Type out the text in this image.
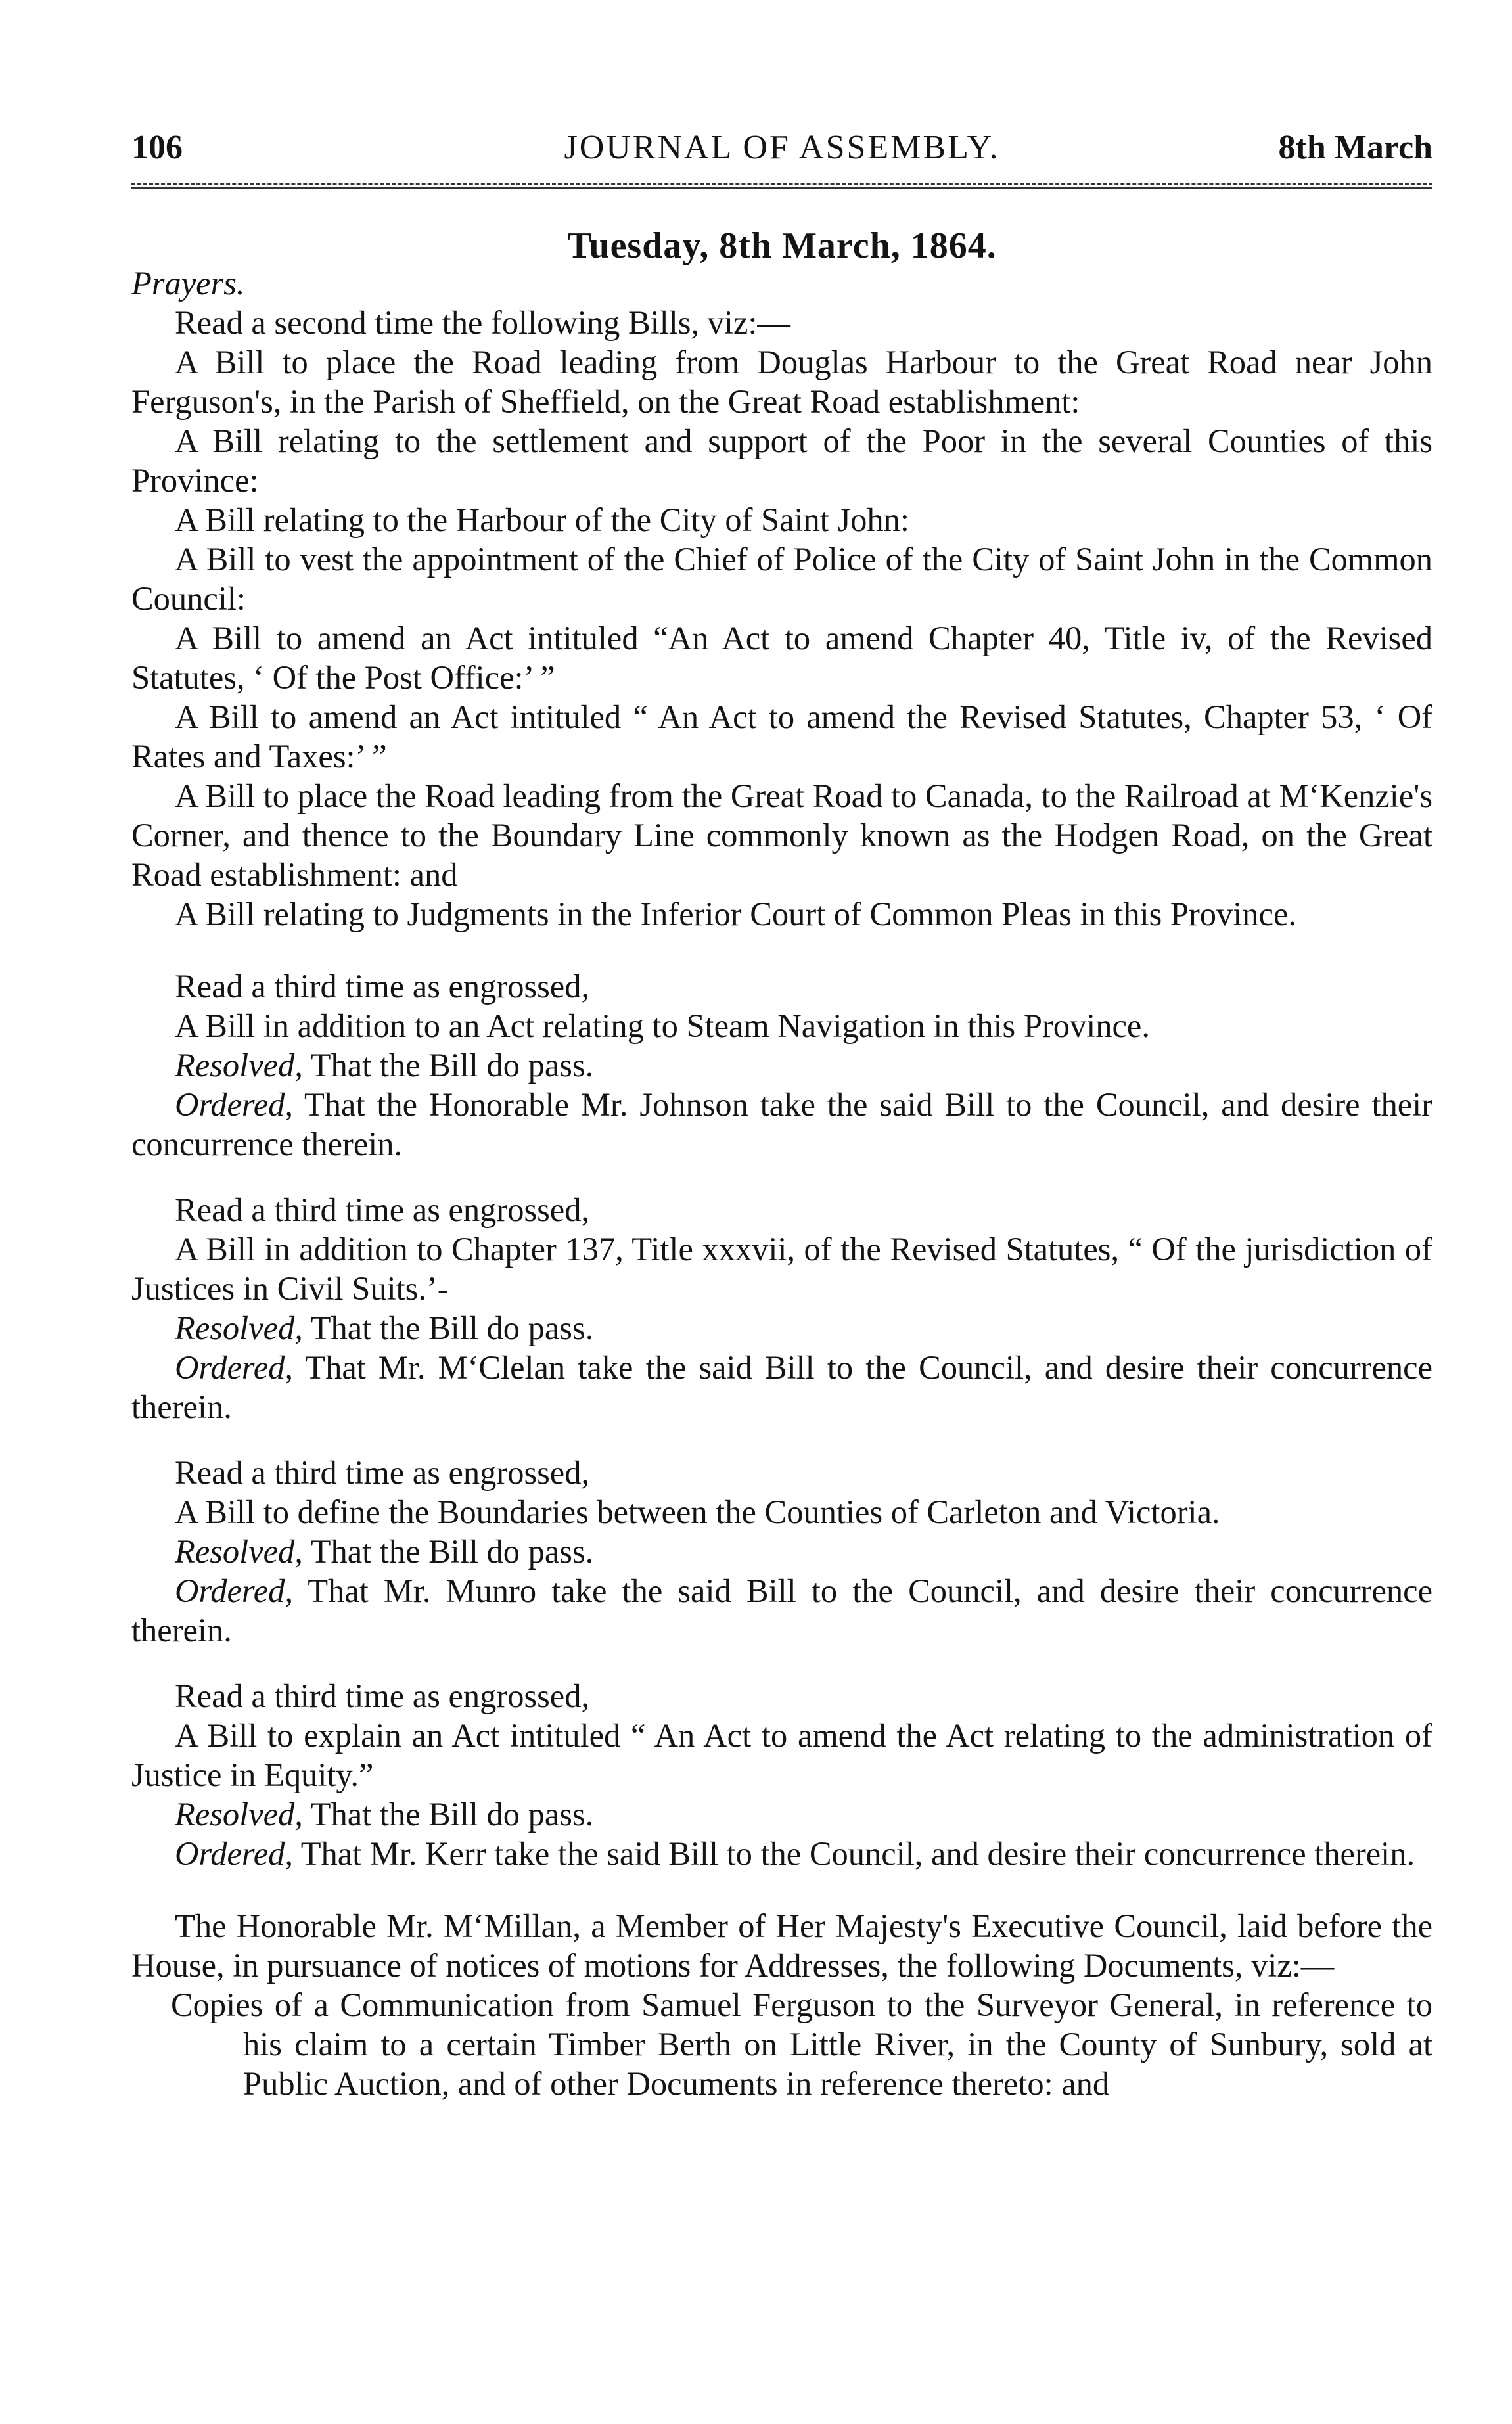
106	JOURNAL OF ASSEMBLY.	8th March
Tuesday, 8th March, 1864.

Prayers.

Read a second time the following Bills, viz:—

A Bill to place the Road leading from Douglas Harbour to the Great Road near John Ferguson's, in the Parish of Sheffield, on the Great Road establishment:

A Bill relating to the settlement and support of the Poor in the several Counties of this Province:

A Bill relating to the Harbour of the City of Saint John:

A Bill to vest the appointment of the Chief of Police of the City of Saint John in the Common Council:

A Bill to amend an Act intituled “An Act to amend Chapter 40, Title iv, of the Revised Statutes, ‘ Of the Post Office:’ ”

A Bill to amend an Act intituled “ An Act to amend the Revised Statutes, Chapter 53, ‘ Of Rates and Taxes:’ ”

A Bill to place the Road leading from the Great Road to Canada, to the Railroad at M‘Kenzie's Corner, and thence to the Boundary Line commonly known as the Hodgen Road, on the Great Road establishment: and

A Bill relating to Judgments in the Inferior Court of Common Pleas in this Province.

Read a third time as engrossed,

A Bill in addition to an Act relating to Steam Navigation in this Province.

Resolved, That the Bill do pass.

Ordered, That the Honorable Mr. Johnson take the said Bill to the Council, and desire their concurrence therein.

Read a third time as engrossed,

A Bill in addition to Chapter 137, Title xxxvii, of the Revised Statutes, “ Of the jurisdiction of Justices in Civil Suits.’-

Resolved, That the Bill do pass.

Ordered, That Mr. M‘Clelan take the said Bill to the Council, and desire their concurrence therein.

Read a third time as engrossed,

A Bill to define the Boundaries between the Counties of Carleton and Victoria.

Resolved, That the Bill do pass.

Ordered, That Mr. Munro take the said Bill to the Council, and desire their concurrence therein.

Read a third time as engrossed,

A Bill to explain an Act intituled “ An Act to amend the Act relating to the administration of Justice in Equity.”

Resolved, That the Bill do pass.

Ordered, That Mr. Kerr take the said Bill to the Council, and desire their concurrence therein.

The Honorable Mr. M‘Millan, a Member of Her Majesty's Executive Council, laid before the House, in pursuance of notices of motions for Addresses, the following Documents, viz:—

Copies of a Communication from Samuel Ferguson to the Surveyor General, in reference to his claim to a certain Timber Berth on Little River, in the County of Sunbury, sold at Public Auction, and of other Documents in reference thereto: and
